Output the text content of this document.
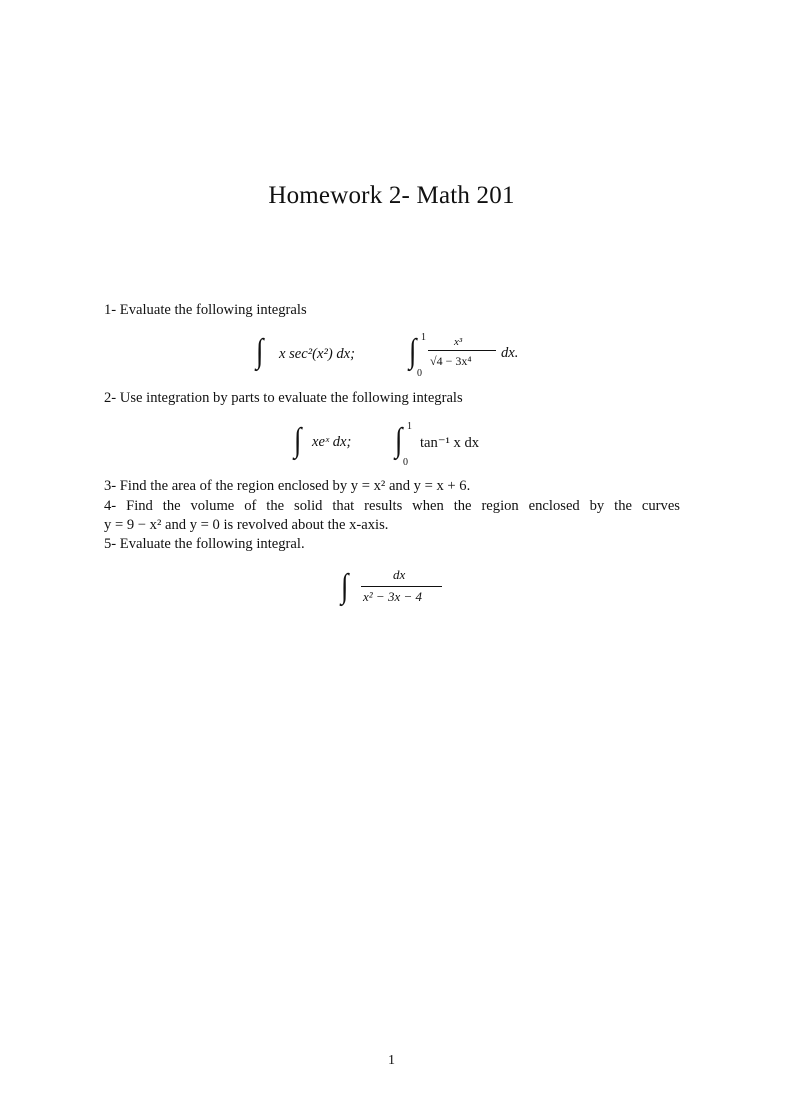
Homework 2- Math 201
1- Evaluate the following integrals
∫ x sec²(x²) dx; ∫ 1
0
x³
√4 − 3x⁴ dx.
2- Use integration by parts to evaluate the following integrals
∫ xeˣ dx; ∫ 1
0
tan⁻¹ x dx
3- Find the area of the region enclosed by y = x² and y = x + 6.
4- Find the volume of the solid that results when the region enclosed by the curves
y = 9 − x² and y = 0 is revolved about the x-axis.
5- Evaluate the following integral.
∫	dx
x² − 3x − 4
1
